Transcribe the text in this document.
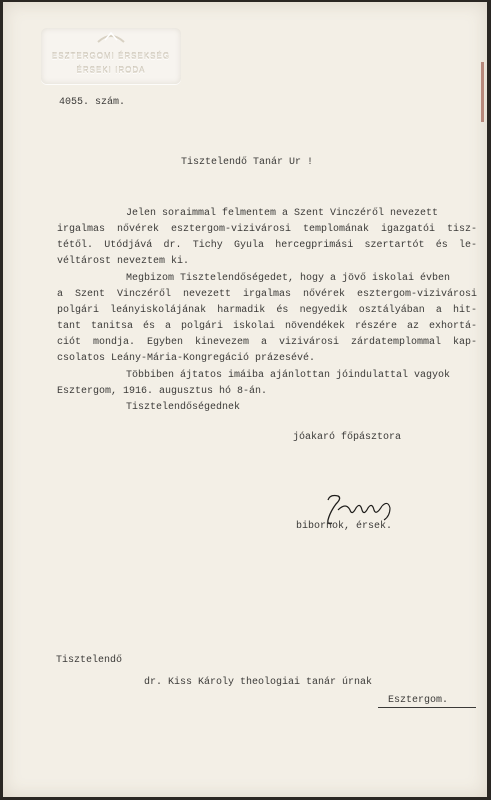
ESZTERGOMI ÉRSEKSÉG
ÉRSEKI IRODA
4055. szám.
Tisztelendő Tanár Ur !
Jelen soraimmal felmentem a Szent Vinczéről nevezett
irgalmas nővérek esztergom-vizivárosi templomának igazgatói tisz-
tétől. Utódjává dr. Tichy Gyula hercegprimási szertartót és le-
véltárost neveztem ki.
Megbizom Tisztelendőségedet, hogy a jövő iskolai évben
a Szent Vinczéről nevezett irgalmas nővérek esztergom-vizivárosi
polgári leányiskolájának harmadik és negyedik osztályában a hit-
tant tanitsa és a polgári iskolai növendékek részére az exhortá-
ciót mondja. Egyben kinevezem a vizivárosi zárdatemplommal kap-
csolatos Leány-Mária-Kongregáció prázesévé.
Többiben ájtatos imáiba ajánlottan jóindulattal vagyok
Esztergom, 1916. augusztus hó 8-án.
Tisztelendőségednek
jóakaró főpásztora
bibornok, érsek.
Tisztelendő
dr. Kiss Károly theologiai tanár úrnak
Esztergom.
